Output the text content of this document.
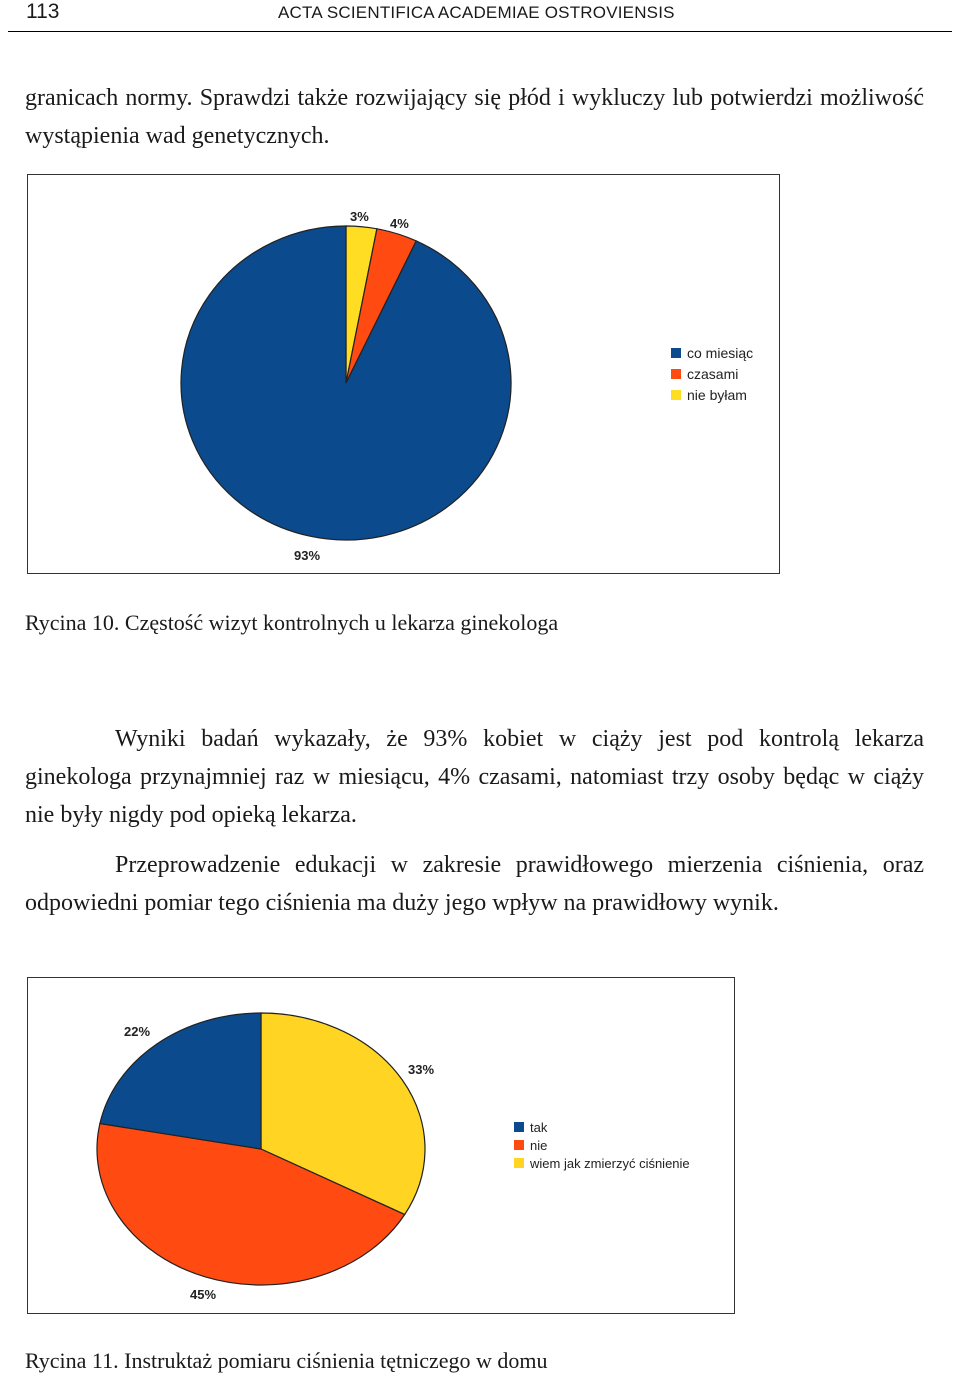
113	ACTA SCIENTIFICA ACADEMIAE OSTROVIENSIS

granicach normy. Sprawdzi także rozwijający się płód i wykluczy lub potwierdzi możliwość wystąpienia wad genetycznych.

93%
4%
3%
co miesiąc
czasami
nie byłam

Rycina 10. Częstość wizyt kontrolnych u lekarza ginekologa

Wyniki badań wykazały, że 93% kobiet w ciąży jest pod kontrolą lekarza ginekologa przynajmniej raz w miesiącu, 4% czasami, natomiast trzy osoby będąc w ciąży nie były nigdy pod opieką lekarza.

Przeprowadzenie edukacji w zakresie prawidłowego mierzenia ciśnienia, oraz odpowiedni pomiar tego ciśnienia ma duży jego wpływ na prawidłowy wynik.

22%
45%
33%
tak
nie
wiem jak zmierzyć ciśnienie

Rycina 11. Instruktaż pomiaru ciśnienia tętniczego w domu
